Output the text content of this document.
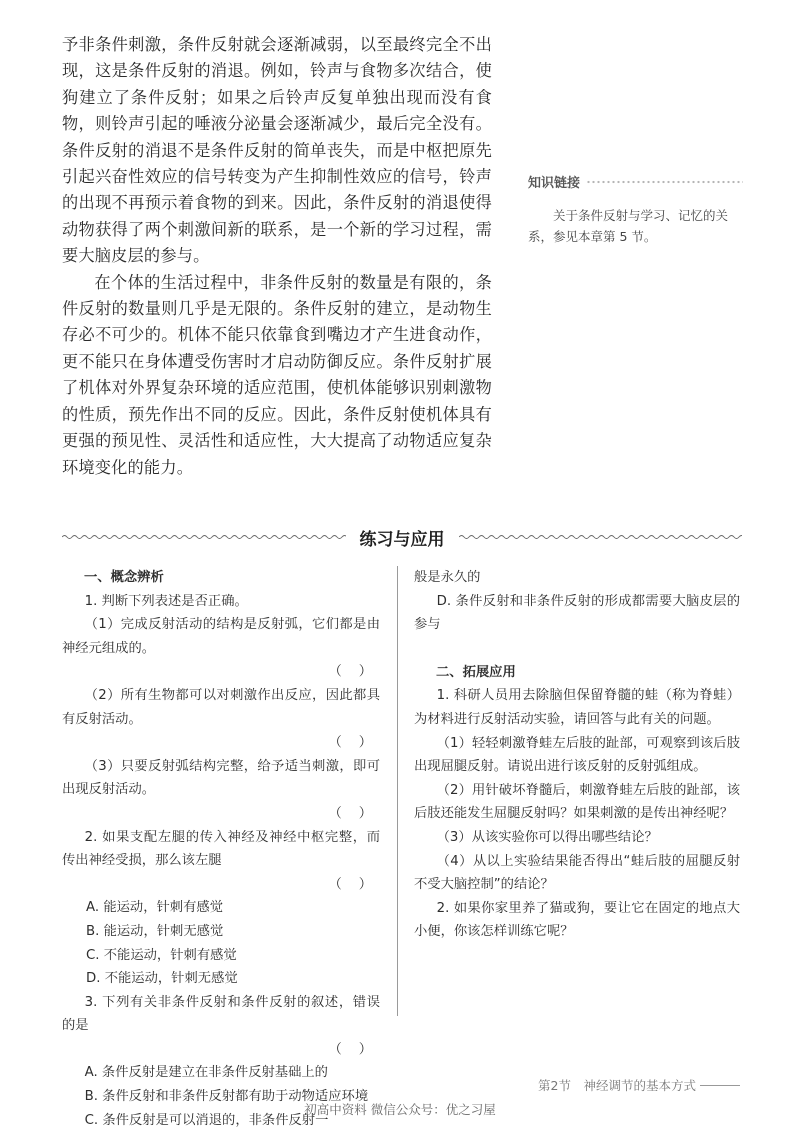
予非条件刺激，条件反射就会逐渐减弱，以至最终完全不出现，这是条件反射的消退。例如，铃声与食物多次结合，使狗建立了条件反射；如果之后铃声反复单独出现而没有食物，则铃声引起的唾液分泌量会逐渐减少，最后完全没有。条件反射的消退不是条件反射的简单丧失，而是中枢把原先引起兴奋性效应的信号转变为产生抑制性效应的信号，铃声的出现不再预示着食物的到来。因此，条件反射的消退使得动物获得了两个刺激间新的联系，是一个新的学习过程，需要大脑皮层的参与。

在个体的生活过程中，非条件反射的数量是有限的，条件反射的数量则几乎是无限的。条件反射的建立，是动物生存必不可少的。机体不能只依靠食到嘴边才产生进食动作，更不能只在身体遭受伤害时才启动防御反应。条件反射扩展了机体对外界复杂环境的适应范围，使机体能够识别刺激物的性质，预先作出不同的反应。因此，条件反射使机体具有更强的预见性、灵活性和适应性，大大提高了动物适应复杂环境变化的能力。

知识链接
关于条件反射与学习、记忆的关系，参见本章第 5 节。
练习与应用

一、概念辨析

1. 判断下列表述是否正确。

（1）完成反射活动的结构是反射弧，它们都是由神经元组成的。
（    ）

（2）所有生物都可以对刺激作出反应，因此都具有反射活动。
（    ）

（3）只要反射弧结构完整，给予适当刺激，即可出现反射活动。
（    ）

2. 如果支配左腿的传入神经及神经中枢完整，而传出神经受损，那么该左腿
（    ）

A. 能运动，针刺有感觉

B. 能运动，针刺无感觉

C. 不能运动，针刺有感觉

D. 不能运动，针刺无感觉

3. 下列有关非条件反射和条件反射的叙述，错误的是
（    ）

A. 条件反射是建立在非条件反射基础上的

B. 条件反射和非条件反射都有助于动物适应环境

C. 条件反射是可以消退的，非条件反射一

般是永久的

D. 条件反射和非条件反射的形成都需要大脑皮层的参与

二、拓展应用

1. 科研人员用去除脑但保留脊髓的蛙（称为脊蛙）为材料进行反射活动实验，请回答与此有关的问题。

（1）轻轻刺激脊蛙左后肢的趾部，可观察到该后肢出现屈腿反射。请说出进行该反射的反射弧组成。

（2）用针破坏脊髓后，刺激脊蛙左后肢的趾部，该后肢还能发生屈腿反射吗？如果刺激的是传出神经呢？

（3）从该实验你可以得出哪些结论？

（4）从以上实验结果能否得出“蛙后肢的屈腿反射不受大脑控制”的结论？

2. 如果你家里养了猫或狗，要让它在固定的地点大小便，你该怎样训练它呢？

第2节　神经调节的基本方式
初高中资料 微信公众号：优之习屋
